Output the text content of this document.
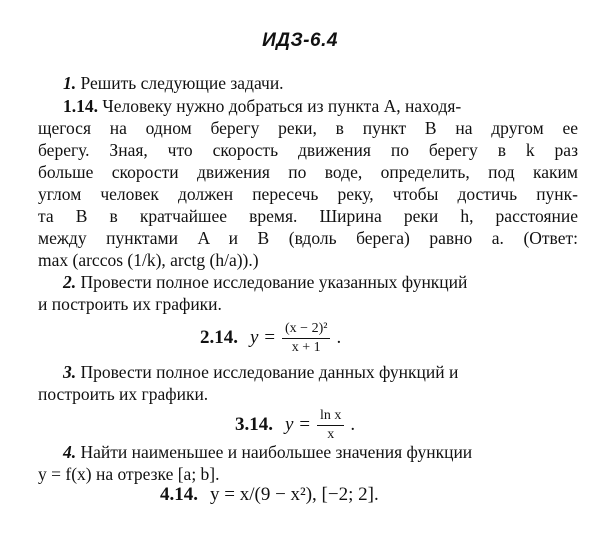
ИДЗ-6.4
1. Решить следующие задачи.
1.14. Человеку нужно добраться из пункта A, находя-
щегося на одном берегу реки, в пункт B на другом ее
берегу. Зная, что скорость движения по берегу в k раз
больше скорости движения по воде, определить, под каким
углом человек должен пересечь реку, чтобы достичь пунк-
та B в кратчайшее время. Ширина реки h, расстояние
между пунктами A и B (вдоль берега) равно a. (Ответ:
max (arccos (1/k), arctg (h/a)).)
2. Провести полное исследование указанных функций
и построить их графики.
2.14. $y = \frac{\text{(x − 2)²}}{x + 1}$ .
3. Провести полное исследование данных функций и
построить их графики.
3.14. $y = \frac{\text{ln x}}{x}$ .
4. Найти наименьшее и наибольшее значения функции
y = f(x) на отрезке [a; b].
4.14. y = x/(9 − x²), [−2; 2].
